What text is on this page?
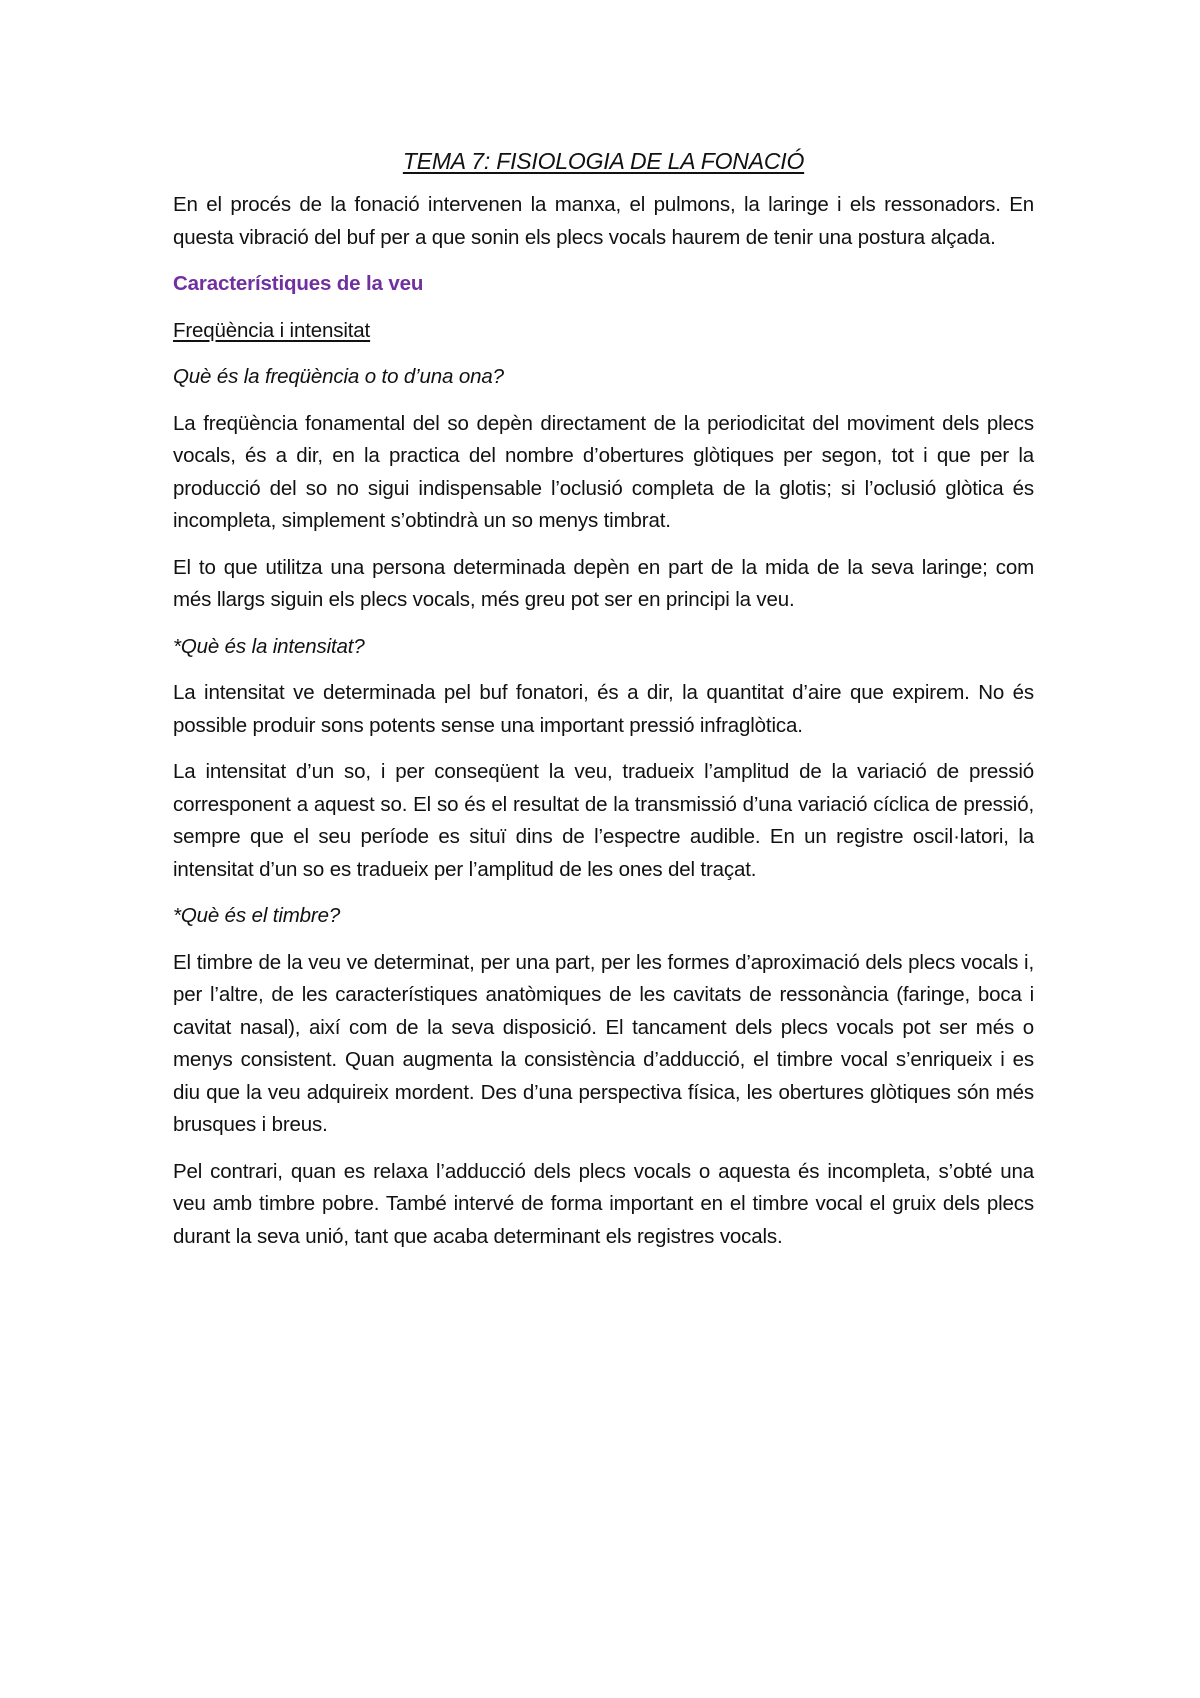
TEMA 7: FISIOLOGIA DE LA FONACIÓ

En el procés de la fonació intervenen la manxa, el pulmons, la laringe i els ressonadors. En questa vibració del buf per a que sonin els plecs vocals haurem de tenir una postura alçada.

Característiques de la veu
Freqüència i intensitat
Què és la freqüència o to d’una ona?

La freqüència fonamental del so depèn directament de la periodicitat del moviment dels plecs vocals, és a dir, en la practica del nombre d’obertures glòtiques per segon, tot i que per la producció del so no sigui indispensable l’oclusió completa de la glotis; si l’oclusió glòtica és incompleta, simplement s’obtindrà un so menys timbrat.

El to que utilitza una persona determinada depèn en part de la mida de la seva laringe; com més llargs siguin els plecs vocals, més greu pot ser en principi la veu.

*Què és la intensitat?

La intensitat ve determinada pel buf fonatori, és a dir, la quantitat d’aire que expirem. No és possible produir sons potents sense una important pressió infraglòtica.

La intensitat d’un so, i per conseqüent la veu, tradueix l’amplitud de la variació de pressió corresponent a aquest so. El so és el resultat de la transmissió d’una variació cíclica de pressió, sempre que el seu període es situï dins de l’espectre audible. En un registre oscil·latori, la intensitat d’un so es tradueix per l’amplitud de les ones del traçat.

*Què és el timbre?

El timbre de la veu ve determinat, per una part, per les formes d’aproximació dels plecs vocals i, per l’altre, de les característiques anatòmiques de les cavitats de ressonància (faringe, boca i cavitat nasal), així com de la seva disposició. El tancament dels plecs vocals pot ser més o menys consistent. Quan augmenta la consistència d’adducció, el timbre vocal s’enriqueix i es diu que la veu adquireix mordent. Des d’una perspectiva física, les obertures glòtiques són més brusques i breus.

Pel contrari, quan es relaxa l’adducció dels plecs vocals o aquesta és incompleta, s’obté una veu amb timbre pobre. També intervé de forma important en el timbre vocal el gruix dels plecs durant la seva unió, tant que acaba determinant els registres vocals.
